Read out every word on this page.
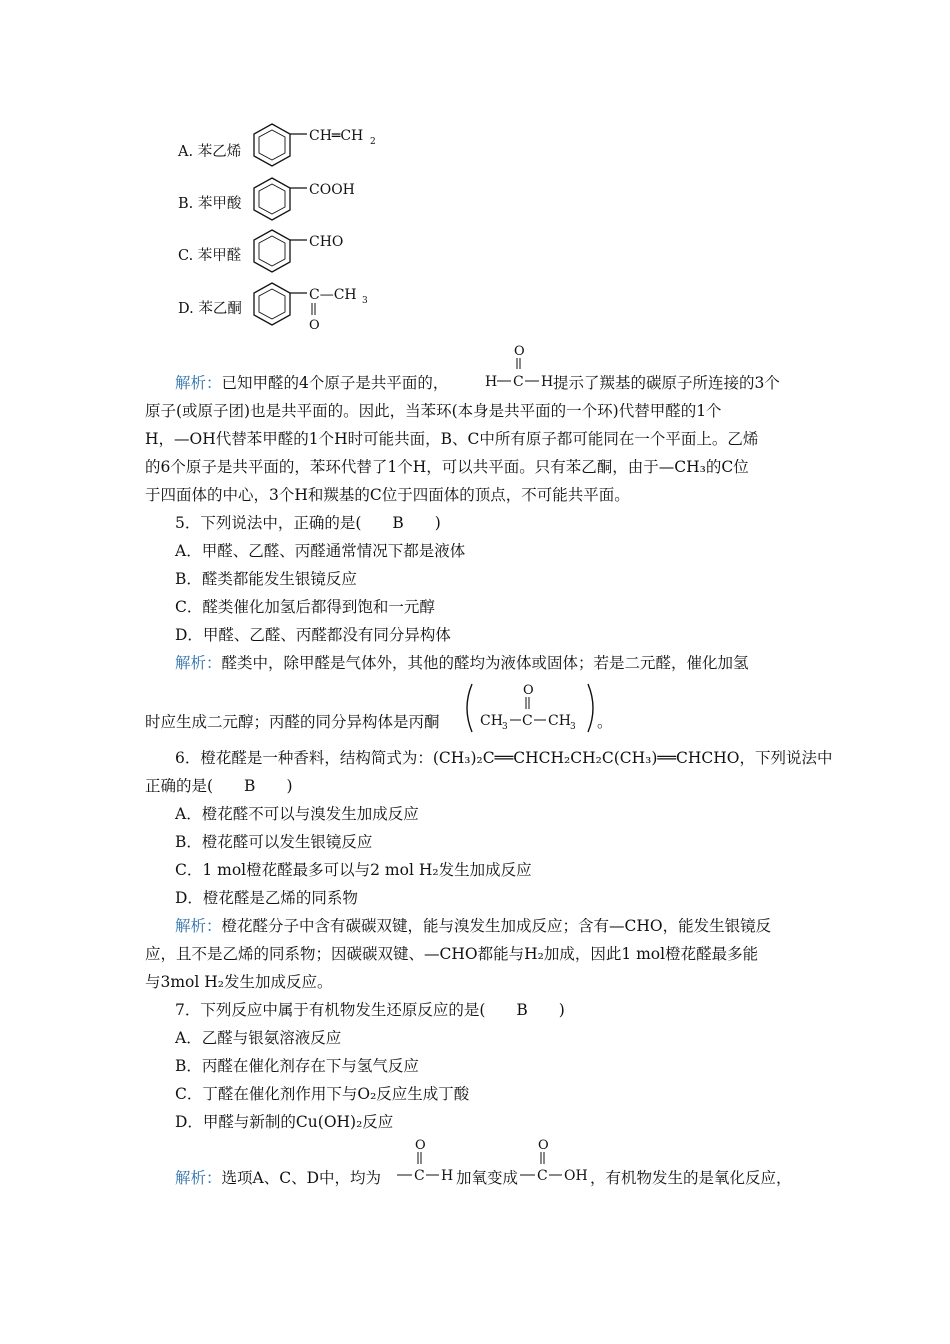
A. 苯乙烯
CH═CH 2
B. 苯甲酸
COOH
C. 苯甲醛
CHO
D. 苯乙酮
C—CH 3
O
解析：已知甲醛的4个原子是共平面的，
O
H C H 提示了羰基的碳原子所连接的3个
原子(或原子团)也是共平面的。因此，当苯环(本身是共平面的一个环)代替甲醛的1个
H，—OH代替苯甲醛的1个H时可能共面，B、C中所有原子都可能同在一个平面上。乙烯
的6个原子是共平面的，苯环代替了1个H，可以共平面。只有苯乙酮，由于—CH₃的C位
于四面体的中心，3个H和羰基的C位于四面体的顶点，不可能共平面。
5．下列说法中，正确的是(　　B　　)
A．甲醛、乙醛、丙醛通常情况下都是液体
B．醛类都能发生银镜反应
C．醛类催化加氢后都得到饱和一元醇
D．甲醛、乙醛、丙醛都没有同分异构体
解析：醛类中，除甲醛是气体外，其他的醛均为液体或固体；若是二元醛，催化加氢
时应生成二元醇；丙醛的同分异构体是丙酮
O
CH 3 C CH 3 。
6．橙花醛是一种香料，结构简式为：(CH₃)₂C══CHCH₂CH₂C(CH₃)══CHCHO，下列说法中
正确的是(　　B　　)
A．橙花醛不可以与溴发生加成反应
B．橙花醛可以发生银镜反应
C．1 mol橙花醛最多可以与2 mol H₂发生加成反应
D．橙花醛是乙烯的同系物
解析：橙花醛分子中含有碳碳双键，能与溴发生加成反应；含有—CHO，能发生银镜反
应，且不是乙烯的同系物；因碳碳双键、—CHO都能与H₂加成，因此1 mol橙花醛最多能
与3mol H₂发生加成反应。
7．下列反应中属于有机物发生还原反应的是(　　B　　)
A．乙醛与银氨溶液反应
B．丙醛在催化剂存在下与氢气反应
C．丁醛在催化剂作用下与O₂反应生成丁酸
D．甲醛与新制的Cu(OH)₂反应
解析：选项A、C、D中，均为
O
C H 加氧变成
O
C OH ，有机物发生的是氧化反应，
